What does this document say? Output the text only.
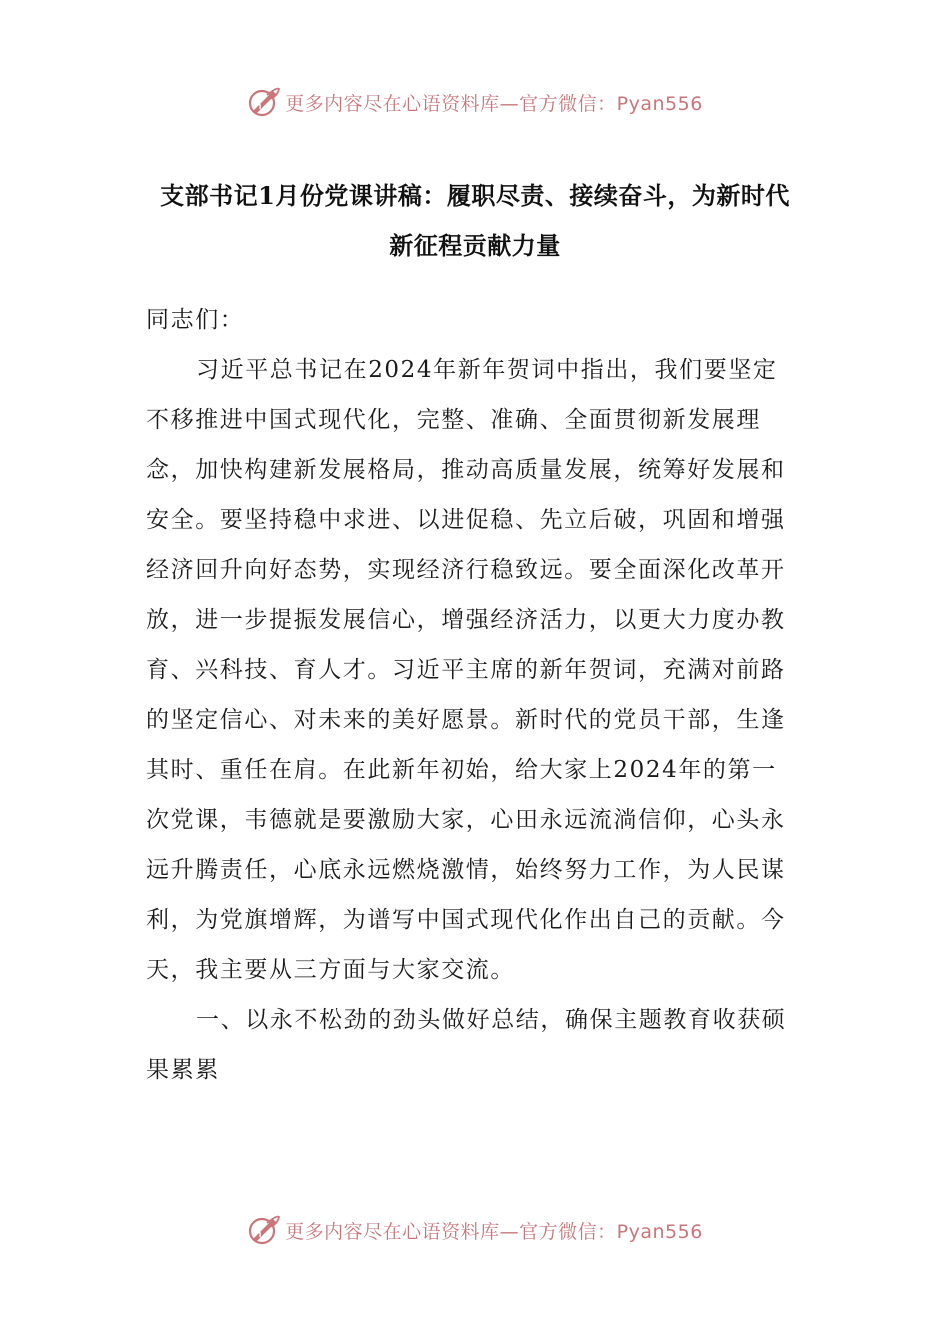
更多内容尽在心语资料库—官方微信：Pyan556
支部书记1月份党课讲稿：履职尽责、接续奋斗，为新时代
新征程贡献力量

同志们：

习近平总书记在2024年新年贺词中指出，我们要坚定不移推进中国式现代化，完整、准确、全面贯彻新发展理念，加快构建新发展格局，推动高质量发展，统筹好发展和安全。要坚持稳中求进、以进促稳、先立后破，巩固和增强经济回升向好态势，实现经济行稳致远。要全面深化改革开放，进一步提振发展信心，增强经济活力，以更大力度办教育、兴科技、育人才。习近平主席的新年贺词，充满对前路的坚定信心、对未来的美好愿景。新时代的党员干部，生逢其时、重任在肩。在此新年初始，给大家上2024年的第一次党课，韦德就是要激励大家，心田永远流淌信仰，心头永远升腾责任，心底永远燃烧激情，始终努力工作，为人民谋利，为党旗增辉，为谱写中国式现代化作出自己的贡献。今天，我主要从三方面与大家交流。

一、以永不松劲的劲头做好总结，确保主题教育收获硕果累累

更多内容尽在心语资料库—官方微信：Pyan556
